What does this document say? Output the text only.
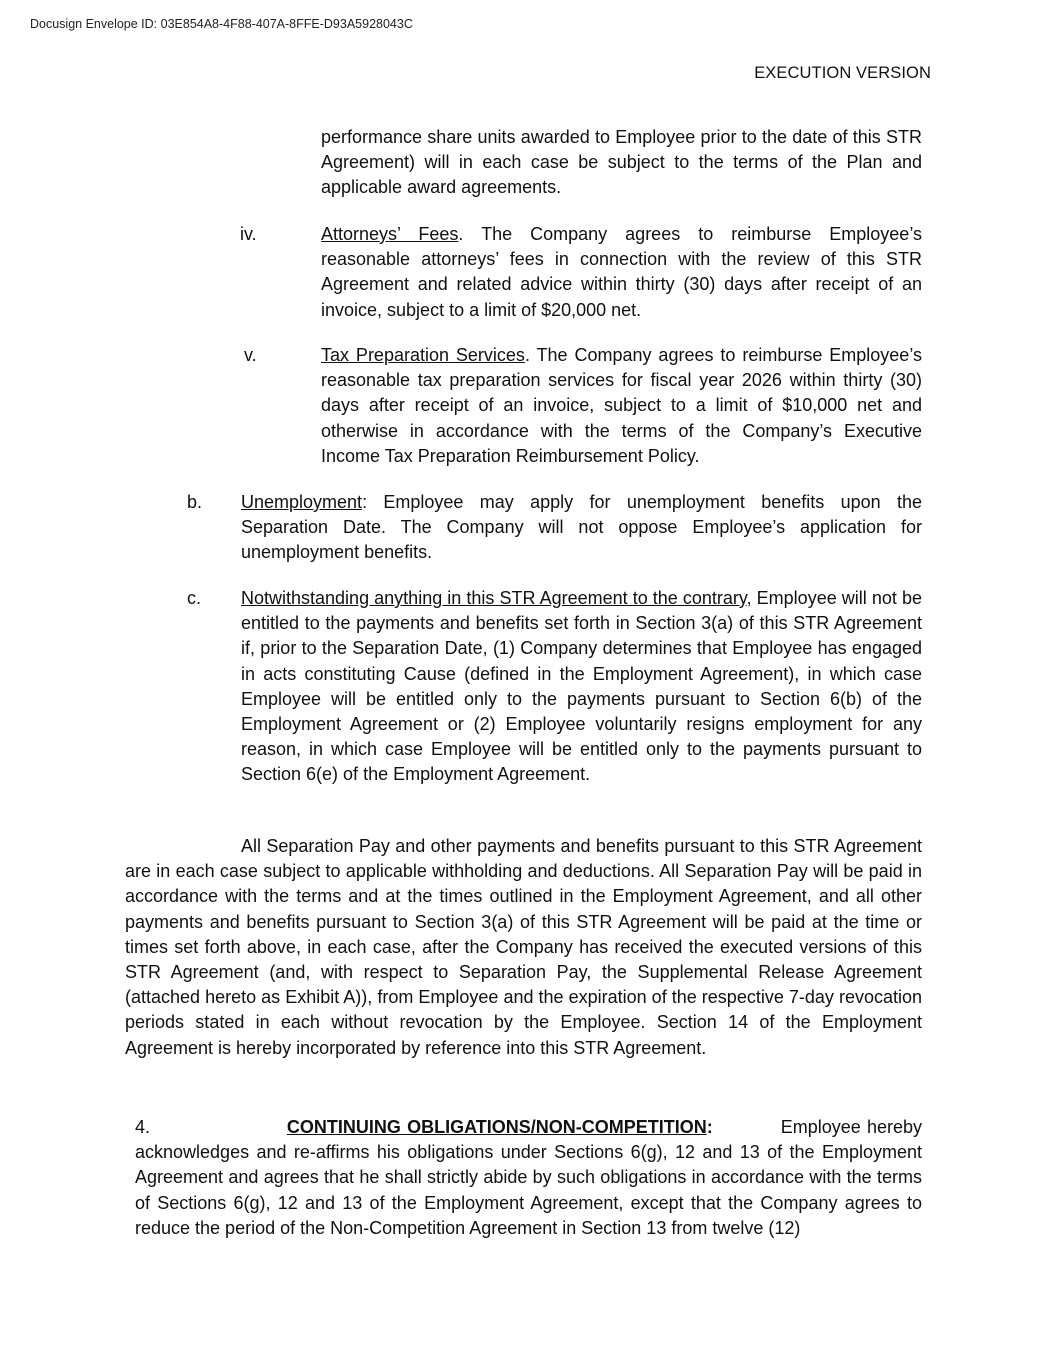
Docusign Envelope ID: 03E854A8-4F88-407A-8FFE-D93A5928043C
EXECUTION VERSION
performance share units awarded to Employee prior to the date of this STR Agreement) will in each case be subject to the terms of the Plan and applicable award agreements.
iv.	Attorneys’ Fees. The Company agrees to reimburse Employee’s reasonable attorneys’ fees in connection with the review of this STR Agreement and related advice within thirty (30) days after receipt of an invoice, subject to a limit of $20,000 net.
v.	Tax Preparation Services. The Company agrees to reimburse Employee’s reasonable tax preparation services for fiscal year 2026 within thirty (30) days after receipt of an invoice, subject to a limit of $10,000 net and otherwise in accordance with the terms of the Company’s Executive Income Tax Preparation Reimbursement Policy.
b. Unemployment: Employee may apply for unemployment benefits upon the Separation Date. The Company will not oppose Employee’s application for unemployment benefits.
c. Notwithstanding anything in this STR Agreement to the contrary, Employee will not be entitled to the payments and benefits set forth in Section 3(a) of this STR Agreement if, prior to the Separation Date, (1) Company determines that Employee has engaged in acts constituting Cause (defined in the Employment Agreement), in which case Employee will be entitled only to the payments pursuant to Section 6(b) of the Employment Agreement or (2) Employee voluntarily resigns employment for any reason, in which case Employee will be entitled only to the payments pursuant to Section 6(e) of the Employment Agreement.
All Separation Pay and other payments and benefits pursuant to this STR Agreement are in each case subject to applicable withholding and deductions. All Separation Pay will be paid in accordance with the terms and at the times outlined in the Employment Agreement, and all other payments and benefits pursuant to Section 3(a) of this STR Agreement will be paid at the time or times set forth above, in each case, after the Company has received the executed versions of this STR Agreement (and, with respect to Separation Pay, the Supplemental Release Agreement (attached hereto as Exhibit A)), from Employee and the expiration of the respective 7-day revocation periods stated in each without revocation by the Employee. Section 14 of the Employment Agreement is hereby incorporated by reference into this STR Agreement.
4.	CONTINUING OBLIGATIONS/NON-COMPETITION:	Employee hereby acknowledges and re-affirms his obligations under Sections 6(g), 12 and 13 of the Employment Agreement and agrees that he shall strictly abide by such obligations in accordance with the terms of Sections 6(g), 12 and 13 of the Employment Agreement, except that the Company agrees to reduce the period of the Non-Competition Agreement in Section 13 from twelve (12)
